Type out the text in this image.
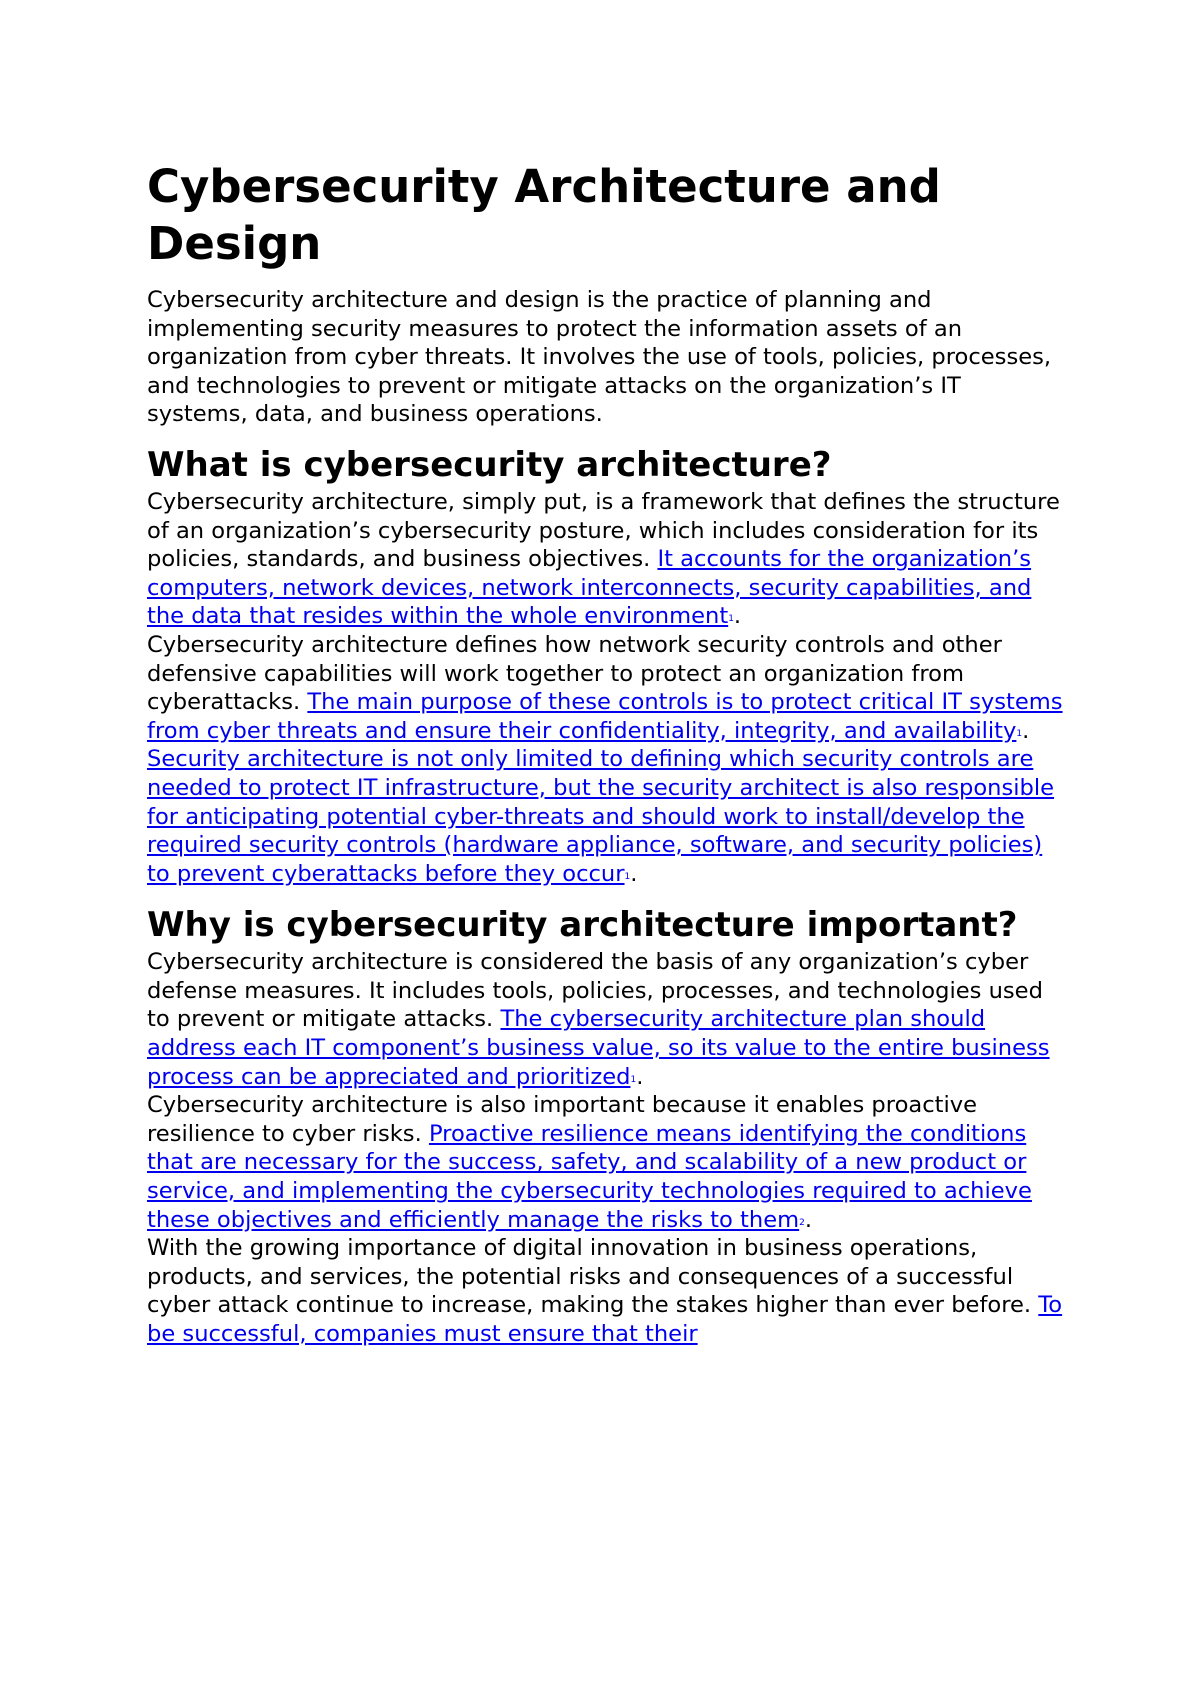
Cybersecurity Architecture and Design

Cybersecurity architecture and design is the practice of planning and implementing security measures to protect the information assets of an organization from cyber threats. It involves the use of tools, policies, processes, and technologies to prevent or mitigate attacks on the organization’s IT systems, data, and business operations.

What is cybersecurity architecture?

Cybersecurity architecture, simply put, is a framework that defines the structure of an organization’s cybersecurity posture, which includes consideration for its policies, standards, and business objectives. It accounts for the organization’s computers, network devices, network interconnects, security capabilities, and the data that resides within the whole environment$^1$.

Cybersecurity architecture defines how network security controls and other defensive capabilities will work together to protect an organization from cyberattacks. The main purpose of these controls is to protect critical IT systems from cyber threats and ensure their confidentiality, integrity, and availability$^1$.

Security architecture is not only limited to defining which security controls are needed to protect IT infrastructure, but the security architect is also responsible for anticipating potential cyber-threats and should work to install/develop the required security controls (hardware appliance, software, and security policies) to prevent cyberattacks before they occur$^1$.

Why is cybersecurity architecture important?

Cybersecurity architecture is considered the basis of any organization’s cyber defense measures. It includes tools, policies, processes, and technologies used to prevent or mitigate attacks. The cybersecurity architecture plan should address each IT component’s business value, so its value to the entire business process can be appreciated and prioritized$^1$.

Cybersecurity architecture is also important because it enables proactive resilience to cyber risks. Proactive resilience means identifying the conditions that are necessary for the success, safety, and scalability of a new product or service, and implementing the cybersecurity technologies required to achieve these objectives and efficiently manage the risks to them$^2$.

With the growing importance of digital innovation in business operations, products, and services, the potential risks and consequences of a successful cyber attack continue to increase, making the stakes higher than ever before. To be successful, companies must ensure that their
